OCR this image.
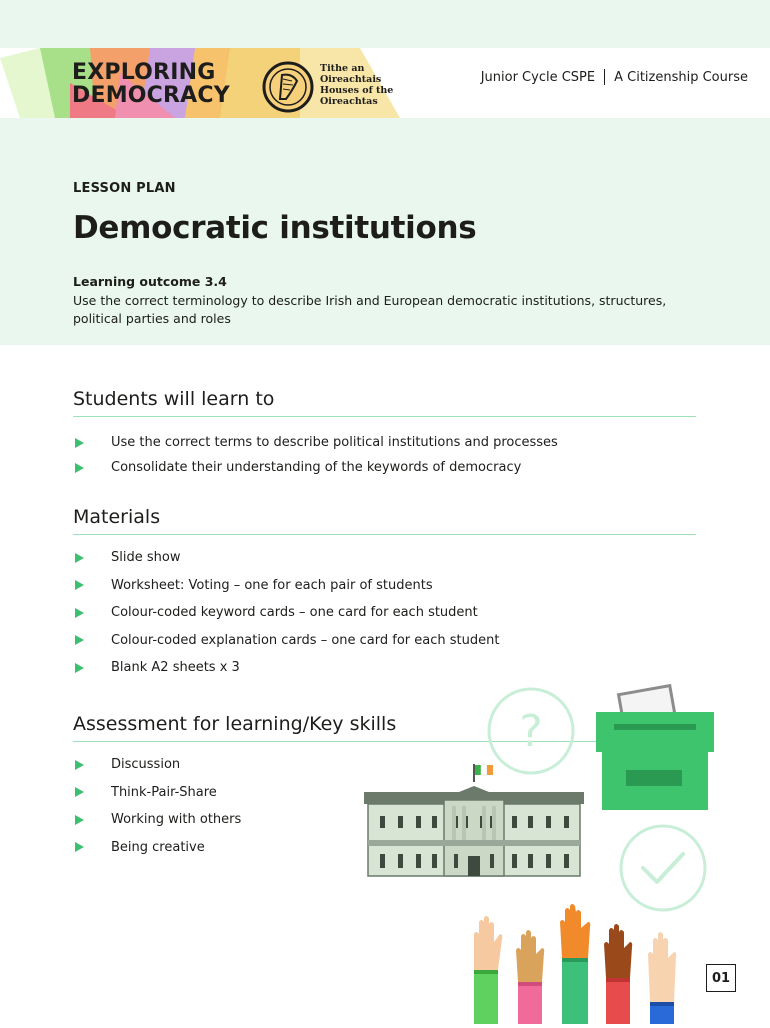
EXPLORING
DEMOCRACY
Tithe an
Oireachtais
Houses of the
Oireachtas
Junior Cycle CSPE A Citizenship Course
LESSON PLAN
Democratic institutions
Learning outcome 3.4
Use the correct terminology to describe Irish and European democratic institutions, structures, political parties and roles
Students will learn to
Use the correct terms to describe political institutions and processes
Consolidate their understanding of the keywords of democracy
Materials
Slide show
Worksheet: Voting – one for each pair of students
Colour-coded keyword cards – one card for each student
Colour-coded explanation cards – one card for each student
Blank A2 sheets x 3
Assessment for learning/Key skills
Discussion
Think-Pair-Share
Working with others
Being creative
?
01
